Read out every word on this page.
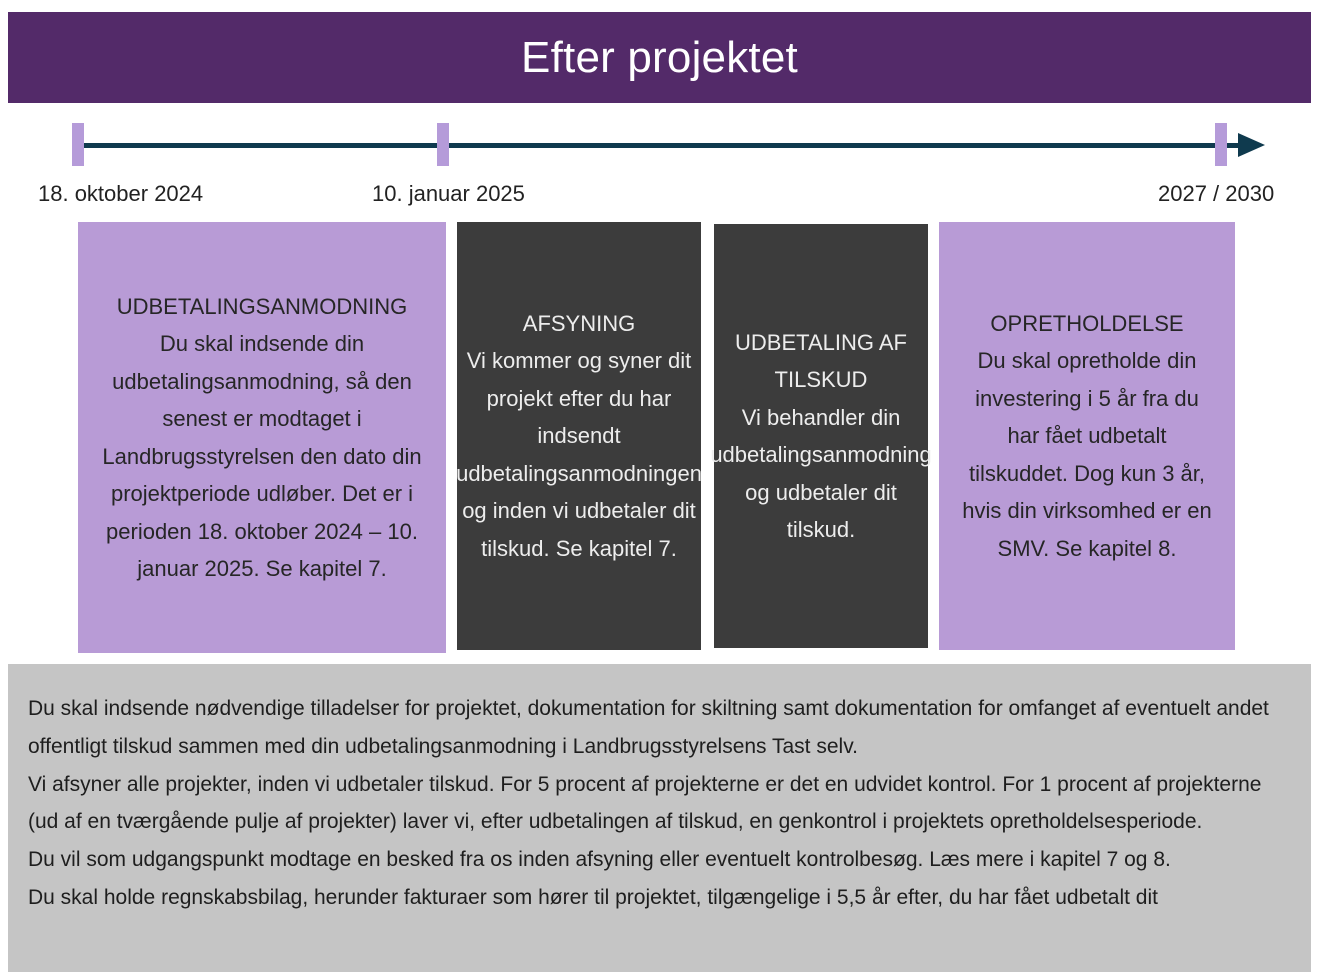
Efter projektet
18. oktober 2024	10. januar 2025	2027 / 2030
UDBETALINGSANMODNING
Du skal indsende din udbetalingsanmodning, så den senest er modtaget i Landbrugsstyrelsen den dato din projektperiode udløber. Det er i perioden 18. oktober 2024 – 10. januar 2025. Se kapitel 7.
AFSYNING
Vi kommer og syner dit projekt efter du har indsendt udbetalingsanmodningen og inden vi udbetaler dit tilskud. Se kapitel 7.
UDBETALING AF TILSKUD
Vi behandler din udbetalingsanmodning og udbetaler dit tilskud.
OPRETHOLDELSE
Du skal opretholde din investering i 5 år fra du har fået udbetalt tilskuddet. Dog kun 3 år, hvis din virksomhed er en SMV. Se kapitel 8.

Du skal indsende nødvendige tilladelser for projektet, dokumentation for skiltning samt dokumentation for omfanget af eventuelt andet offentligt tilskud sammen med din udbetalingsanmodning i Landbrugsstyrelsens Tast selv.

Vi afsyner alle projekter, inden vi udbetaler tilskud. For 5 procent af projekterne er det en udvidet kontrol. For 1 procent af projekterne (ud af en tværgående pulje af projekter) laver vi, efter udbetalingen af tilskud, en genkontrol i projektets opretholdelsesperiode.

Du vil som udgangspunkt modtage en besked fra os inden afsyning eller eventuelt kontrolbesøg. Læs mere i kapitel 7 og 8.

Du skal holde regnskabsbilag, herunder fakturaer som hører til projektet, tilgængelige i 5,5 år efter, du har fået udbetalt dit
